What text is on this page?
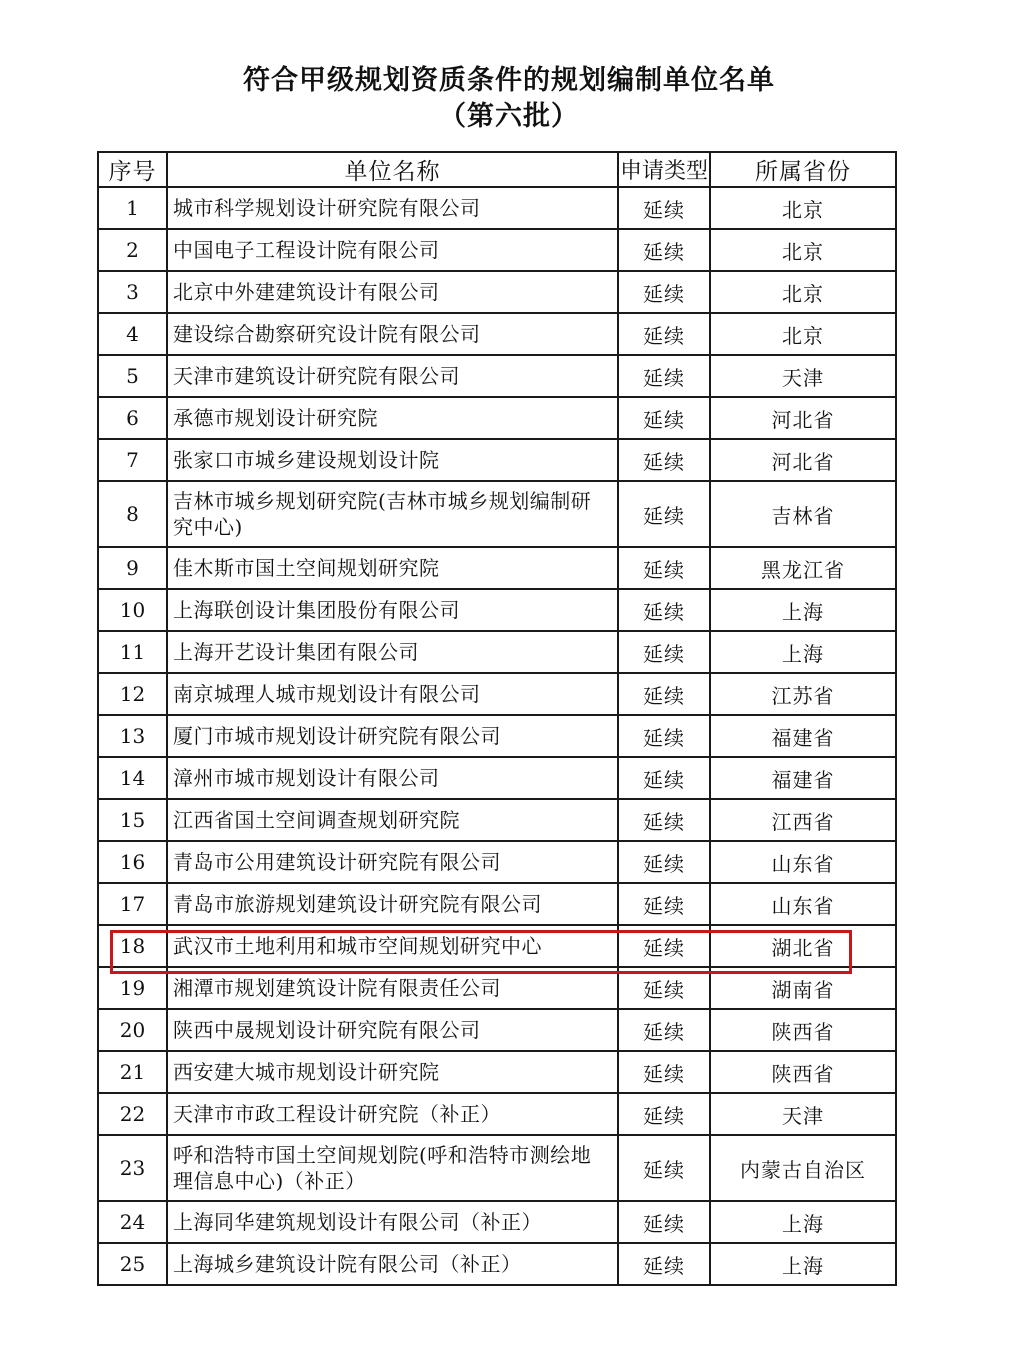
符合甲级规划资质条件的规划编制单位名单
（第六批）
序号	单位名称	申请类型	所属省份
1	城市科学规划设计研究院有限公司	延续	北京
2	中国电子工程设计院有限公司	延续	北京
3	北京中外建建筑设计有限公司	延续	北京
4	建设综合勘察研究设计院有限公司	延续	北京
5	天津市建筑设计研究院有限公司	延续	天津
6	承德市规划设计研究院	延续	河北省
7	张家口市城乡建设规划设计院	延续	河北省
8	吉林市城乡规划研究院(吉林市城乡规划编制研究中心)	延续	吉林省
9	佳木斯市国土空间规划研究院	延续	黑龙江省
10	上海联创设计集团股份有限公司	延续	上海
11	上海开艺设计集团有限公司	延续	上海
12	南京城理人城市规划设计有限公司	延续	江苏省
13	厦门市城市规划设计研究院有限公司	延续	福建省
14	漳州市城市规划设计有限公司	延续	福建省
15	江西省国土空间调查规划研究院	延续	江西省
16	青岛市公用建筑设计研究院有限公司	延续	山东省
17	青岛市旅游规划建筑设计研究院有限公司	延续	山东省
18	武汉市土地利用和城市空间规划研究中心	延续	湖北省
19	湘潭市规划建筑设计院有限责任公司	延续	湖南省
20	陕西中晟规划设计研究院有限公司	延续	陕西省
21	西安建大城市规划设计研究院	延续	陕西省
22	天津市市政工程设计研究院（补正）	延续	天津
23	呼和浩特市国土空间规划院(呼和浩特市测绘地理信息中心)（补正）	延续	内蒙古自治区
24	上海同华建筑规划设计有限公司（补正）	延续	上海
25	上海城乡建筑设计院有限公司（补正）	延续	上海
